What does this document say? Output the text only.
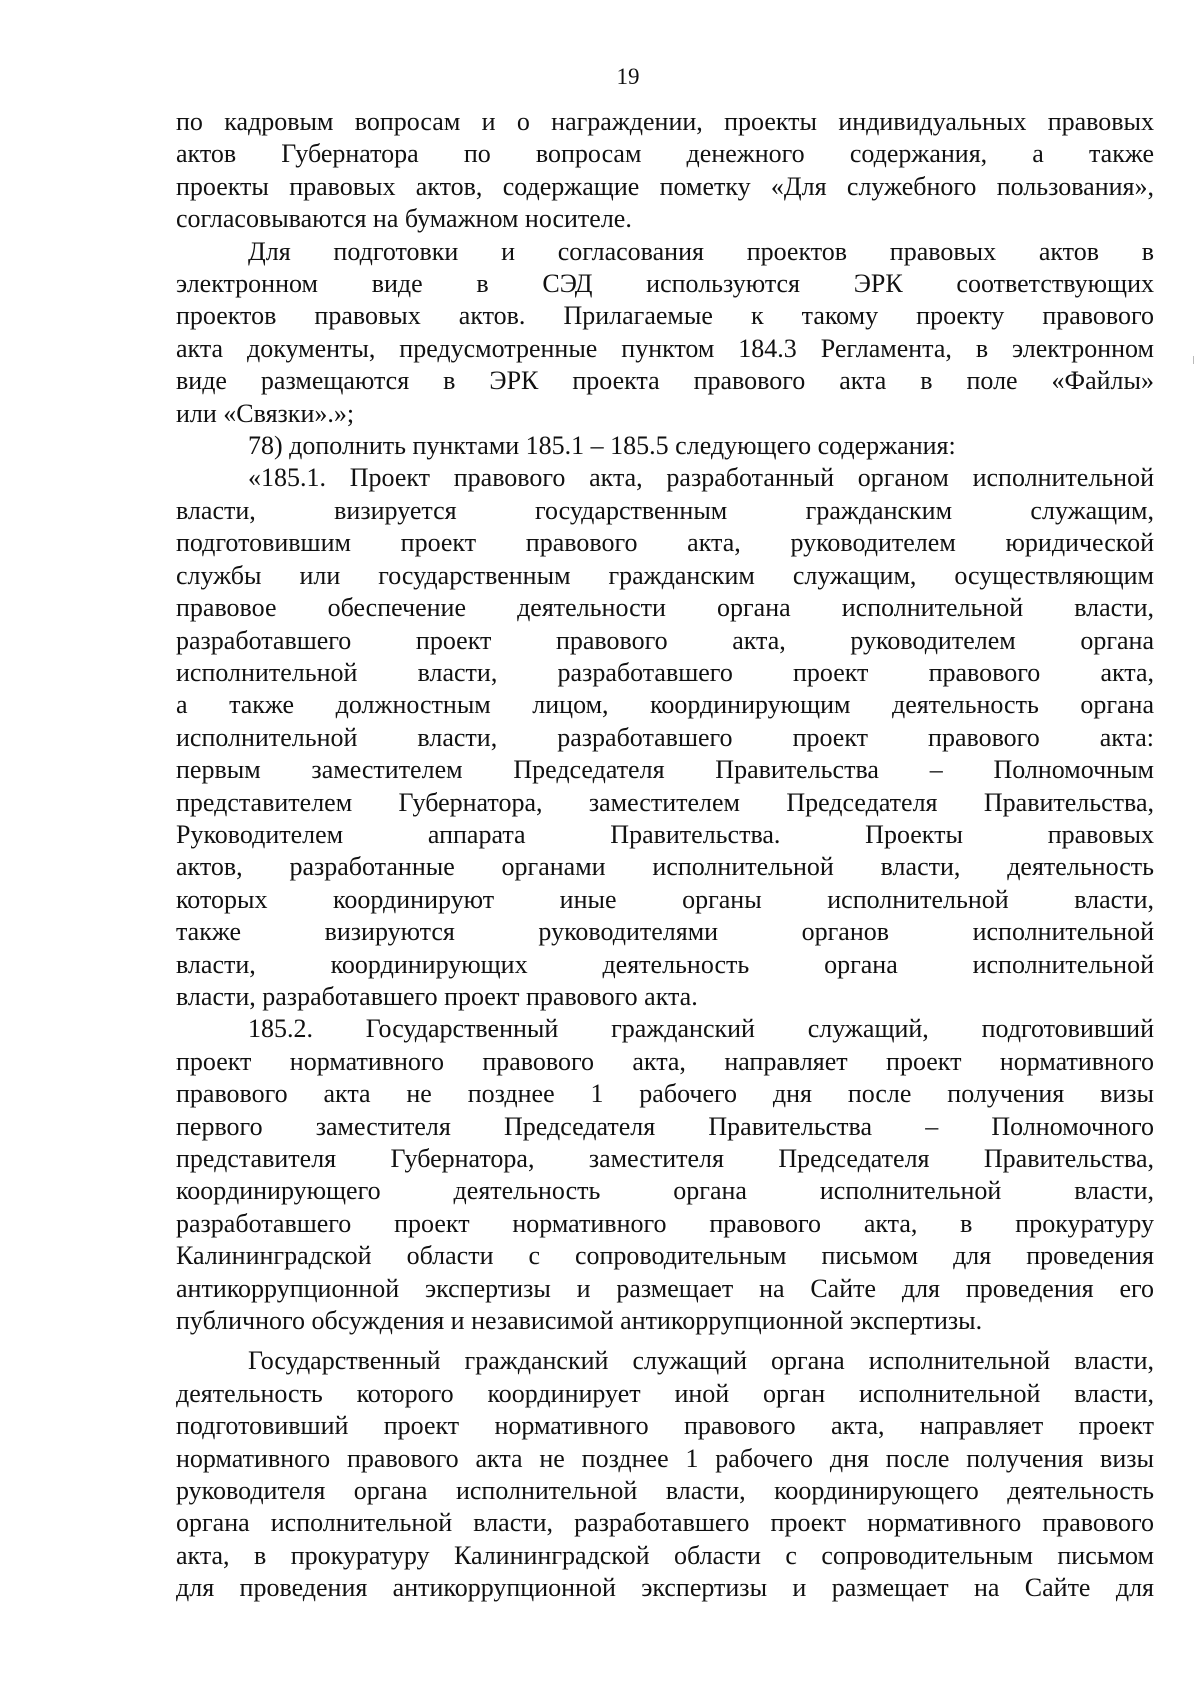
19

по кадровым вопросам и о награждении, проекты индивидуальных правовых
актов Губернатора по вопросам денежного содержания, а также
проекты правовых актов, содержащие пометку «Для служебного пользования»,
согласовываются на бумажном носителе.

Для подготовки и согласования проектов правовых актов в
электронном виде в СЭД используются ЭРК соответствующих
проектов правовых актов. Прилагаемые к такому проекту правового
акта документы, предусмотренные пунктом 184.3 Регламента, в электронном
виде размещаются в ЭРК проекта правового акта в поле «Файлы»
или «Связки».»;

78) дополнить пунктами 185.1 – 185.5 следующего содержания:

«185.1. Проект правового акта, разработанный органом исполнительной
власти, визируется государственным гражданским служащим,
подготовившим проект правового акта, руководителем юридической
службы или государственным гражданским служащим, осуществляющим
правовое обеспечение деятельности органа исполнительной власти,
разработавшего проект правового акта, руководителем органа
исполнительной власти, разработавшего проект правового акта,
а также должностным лицом, координирующим деятельность органа
исполнительной власти, разработавшего проект правового акта:
первым заместителем Председателя Правительства – Полномочным
представителем Губернатора, заместителем Председателя Правительства,
Руководителем аппарата Правительства. Проекты правовых
актов, разработанные органами исполнительной власти, деятельность
которых координируют иные органы исполнительной власти,
также визируются руководителями органов исполнительной
власти, координирующих деятельность органа исполнительной
власти, разработавшего проект правового акта.

185.2. Государственный гражданский служащий, подготовивший
проект нормативного правового акта, направляет проект нормативного
правового акта не позднее 1 рабочего дня после получения визы
первого заместителя Председателя Правительства – Полномочного
представителя Губернатора, заместителя Председателя Правительства,
координирующего деятельность органа исполнительной власти,
разработавшего проект нормативного правового акта, в прокуратуру
Калининградской области с сопроводительным письмом для проведения
антикоррупционной экспертизы и размещает на Сайте для проведения его
публичного обсуждения и независимой антикоррупционной экспертизы.

Государственный гражданский служащий органа исполнительной власти,
деятельность которого координирует иной орган исполнительной власти,
подготовивший проект нормативного правового акта, направляет проект
нормативного правового акта не позднее 1 рабочего дня после получения визы
руководителя органа исполнительной власти, координирующего деятельность
органа исполнительной власти, разработавшего проект нормативного правового
акта, в прокуратуру Калининградской области с сопроводительным письмом
для проведения антикоррупционной экспертизы и размещает на Сайте для
